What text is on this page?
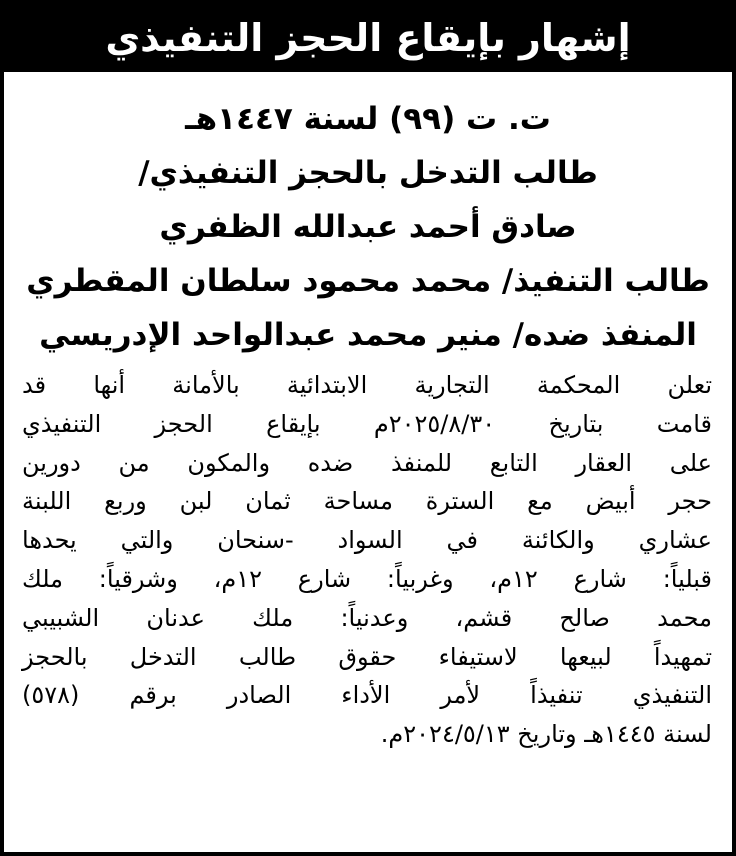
إشهار بإيقاع الحجز التنفيذي
ت. ت (٩٩) لسنة ١٤٤٧هـ
طالب التدخل بالحجز التنفيذي/
صادق أحمد عبدالله الظفري
طالب التنفيذ/ محمد محمود سلطان المقطري
المنفذ ضده/ منير محمد عبدالواحد الإدريسي
تعلن المحكمة التجارية الابتدائية بالأمانة أنها قد
قامت بتاريخ ٢٠٢٥/٨/٣٠م بإيقاع الحجز التنفيذي
على العقار التابع للمنفذ ضده والمكون من دورين
حجر أبيض مع السترة مساحة ثمان لبن وربع اللبنة
عشاري والكائنة في السواد -سنحان والتي يحدها
قبلياً: شارع ١٢م، وغربياً: شارع ١٢م، وشرقياً: ملك
محمد صالح قشم، وعدنياً: ملك عدنان الشبيبي
تمهيداً لبيعها لاستيفاء حقوق طالب التدخل بالحجز
التنفيذي تنفيذاً لأمر الأداء الصادر برقم (٥٧٨)
لسنة ١٤٤٥هـ وتاريخ ٢٠٢٤/٥/١٣م.
